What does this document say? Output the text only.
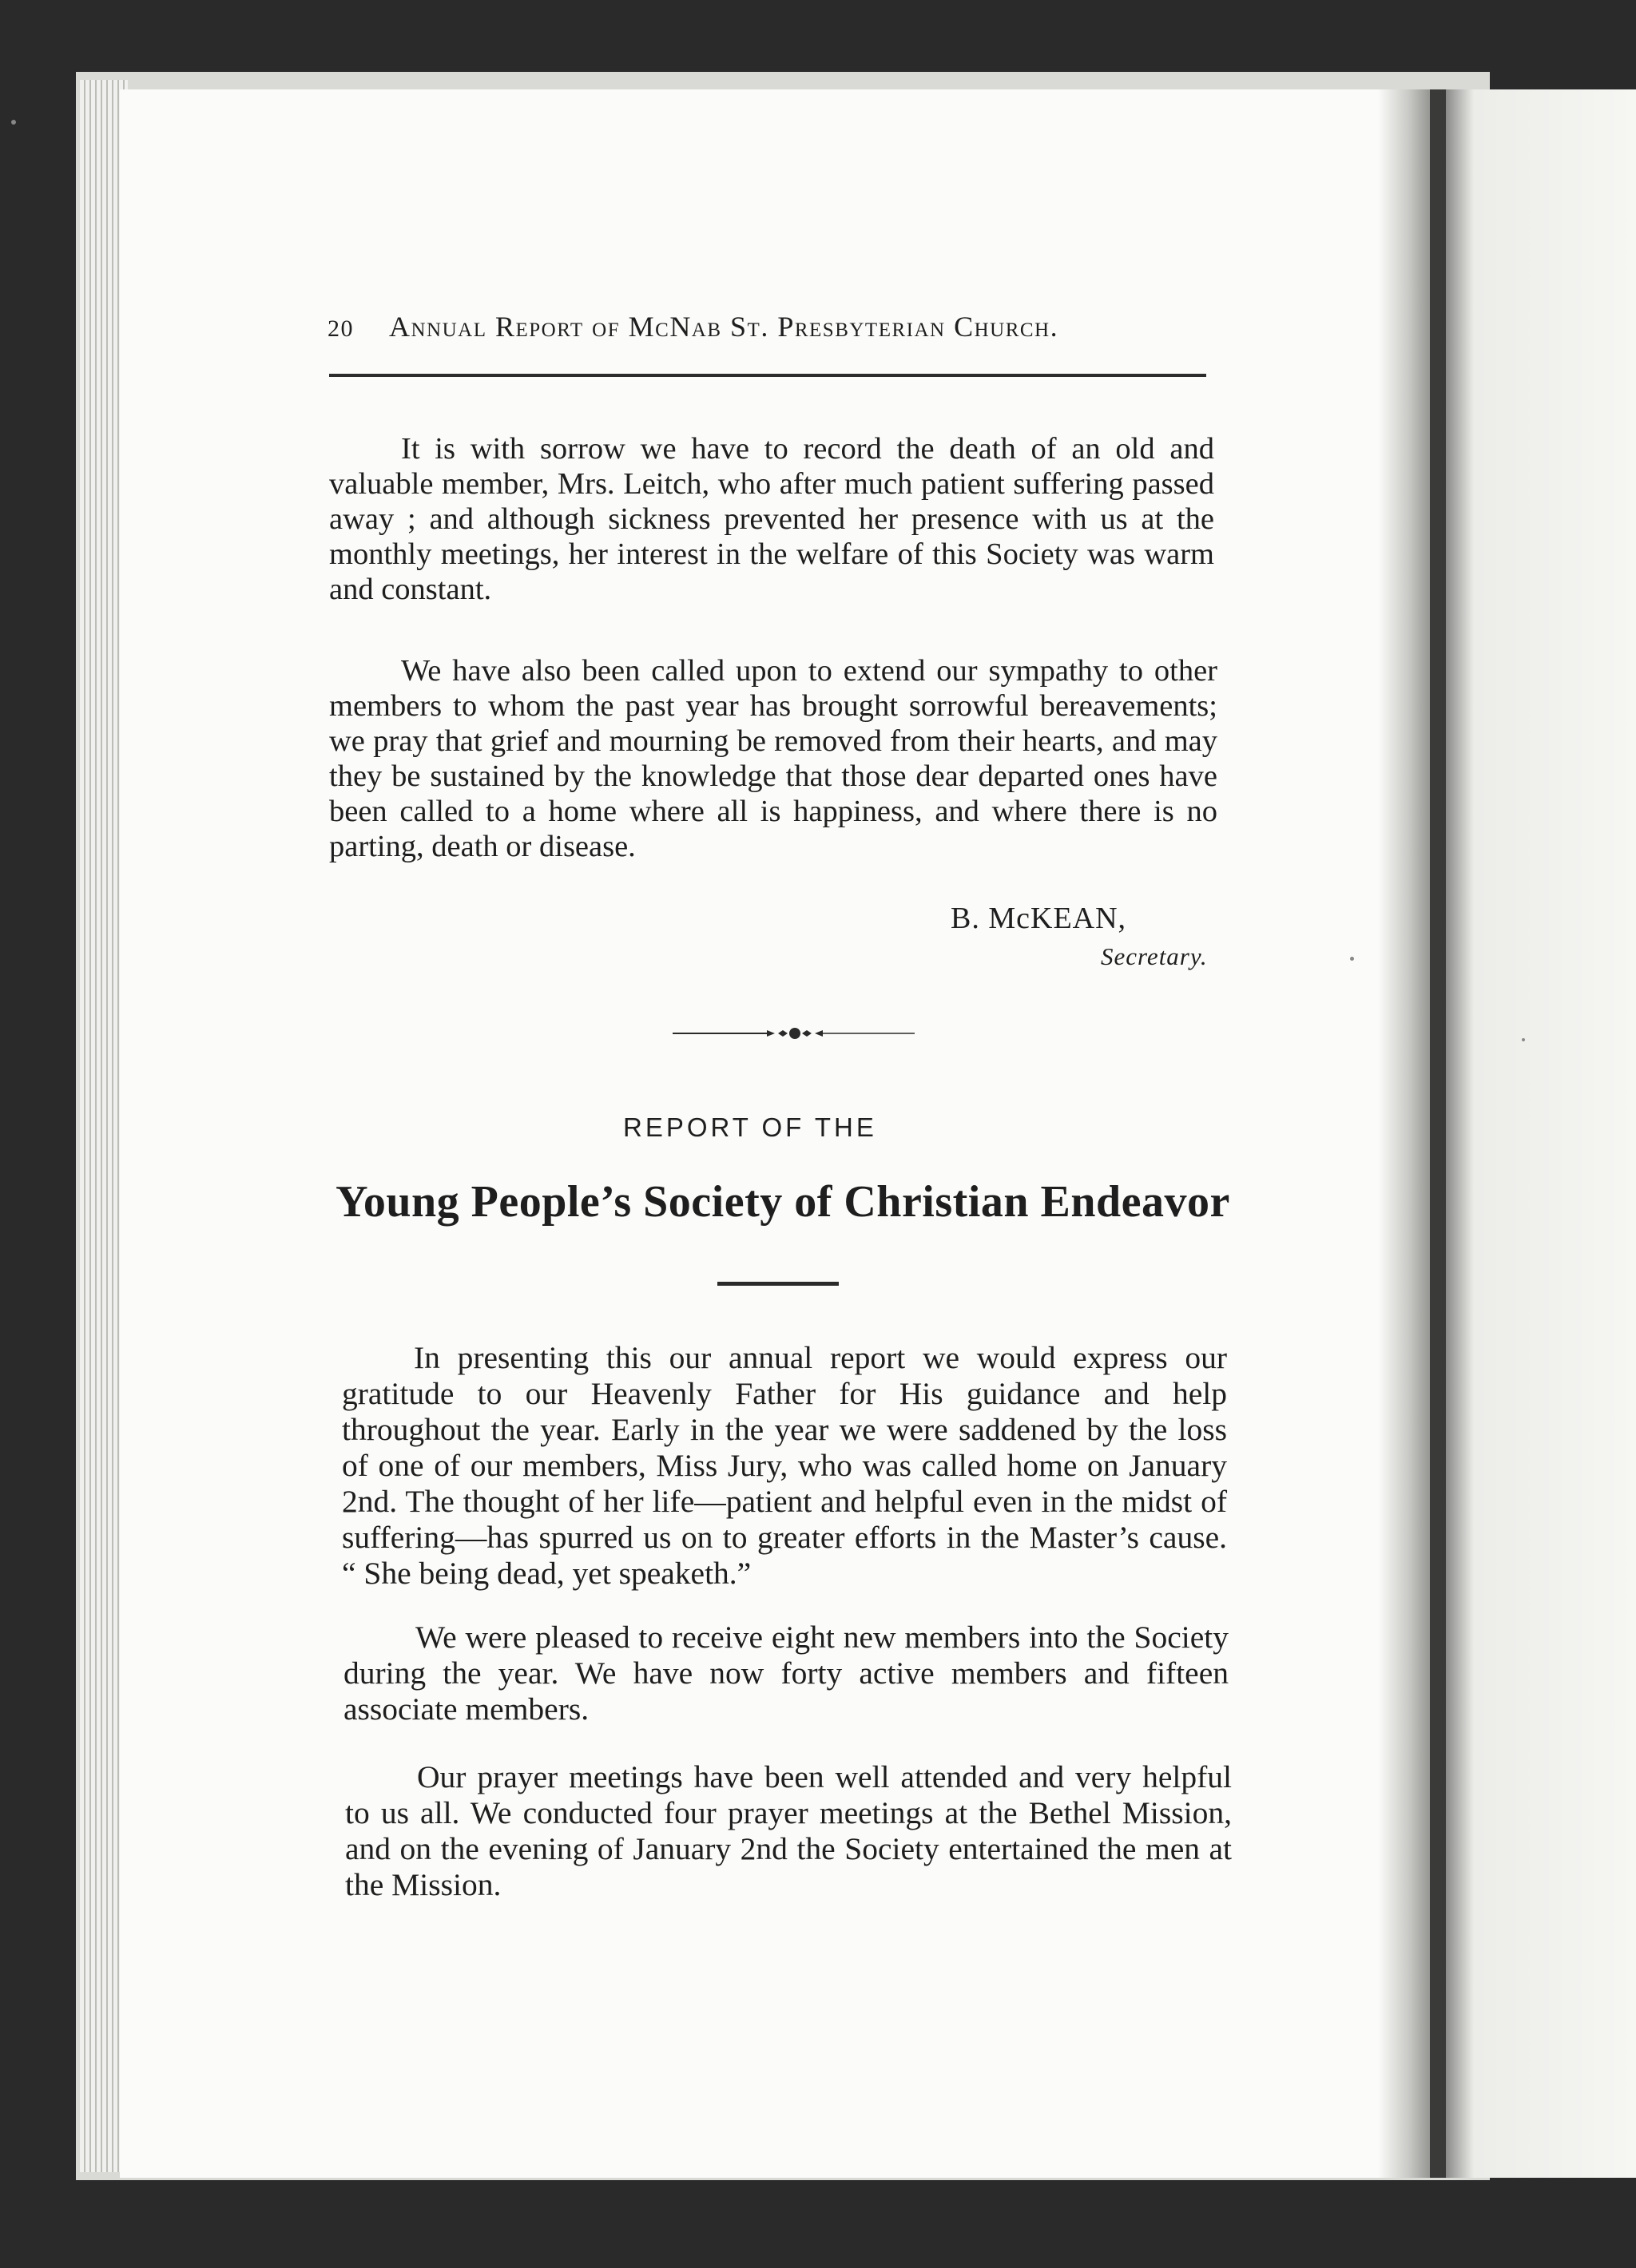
20 Annual Report of McNab St. Presbyterian Church.

It is with sorrow we have to record the death of an old and valuable member, Mrs. Leitch, who after much patient suffering passed away ; and although sickness prevented her presence with us at the monthly meetings, her interest in the welfare of this Society was warm and constant.

We have also been called upon to extend our sympathy to other members to whom the past year has brought sorrowful bereavements; we pray that grief and mourning be removed from their hearts, and may they be sustained by the knowledge that those dear departed ones have been called to a home where all is happiness, and where there is no parting, death or disease.

B. McKEAN,
Secretary.
REPORT OF THE
Young People’s Society of Christian Endeavor

In presenting this our annual report we would express our gratitude to our Heavenly Father for His guidance and help throughout the year. Early in the year we were saddened by the loss of one of our members, Miss Jury, who was called home on January 2nd. The thought of her life—patient and helpful even in the midst of suffering—has spurred us on to greater efforts in the Master’s cause. “ She being dead, yet speaketh.”

We were pleased to receive eight new members into the Society during the year. We have now forty active members and fifteen associate members.

Our prayer meetings have been well attended and very helpful to us all. We conducted four prayer meetings at the Bethel Mission, and on the evening of January 2nd the Society entertained the men at the Mission.
